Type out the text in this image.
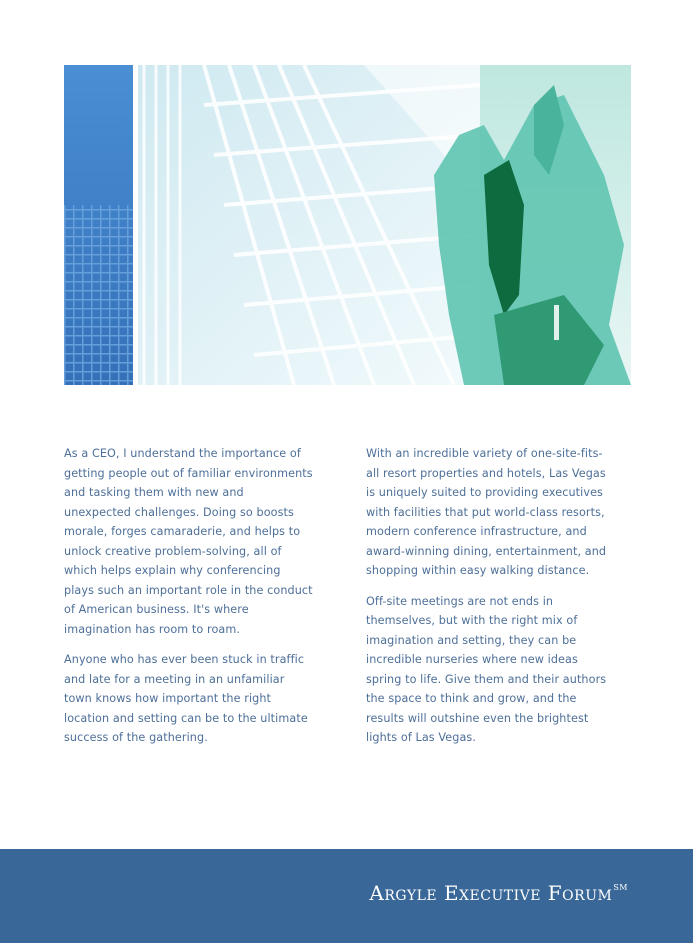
As a CEO, I understand the importance of getting people out of familiar environments and tasking them with new and unexpected challenges. Doing so boosts morale, forges camaraderie, and helps to unlock creative problem-solving, all of which helps explain why conferencing plays such an important role in the conduct of American business. It's where imagination has room to roam.

Anyone who has ever been stuck in traffic and late for a meeting in an unfamiliar town knows how important the right location and setting can be to the ultimate success of the gathering.

With an incredible variety of one-site-fits-all resort properties and hotels, Las Vegas is uniquely suited to providing executives with facilities that put world-class resorts, modern conference infrastructure, and award-winning dining, entertainment, and shopping within easy walking distance.

Off-site meetings are not ends in themselves, but with the right mix of imagination and setting, they can be incredible nurseries where new ideas spring to life. Give them and their authors the space to think and grow, and the results will outshine even the brightest lights of Las Vegas.

Argyle Executive Forum℠
